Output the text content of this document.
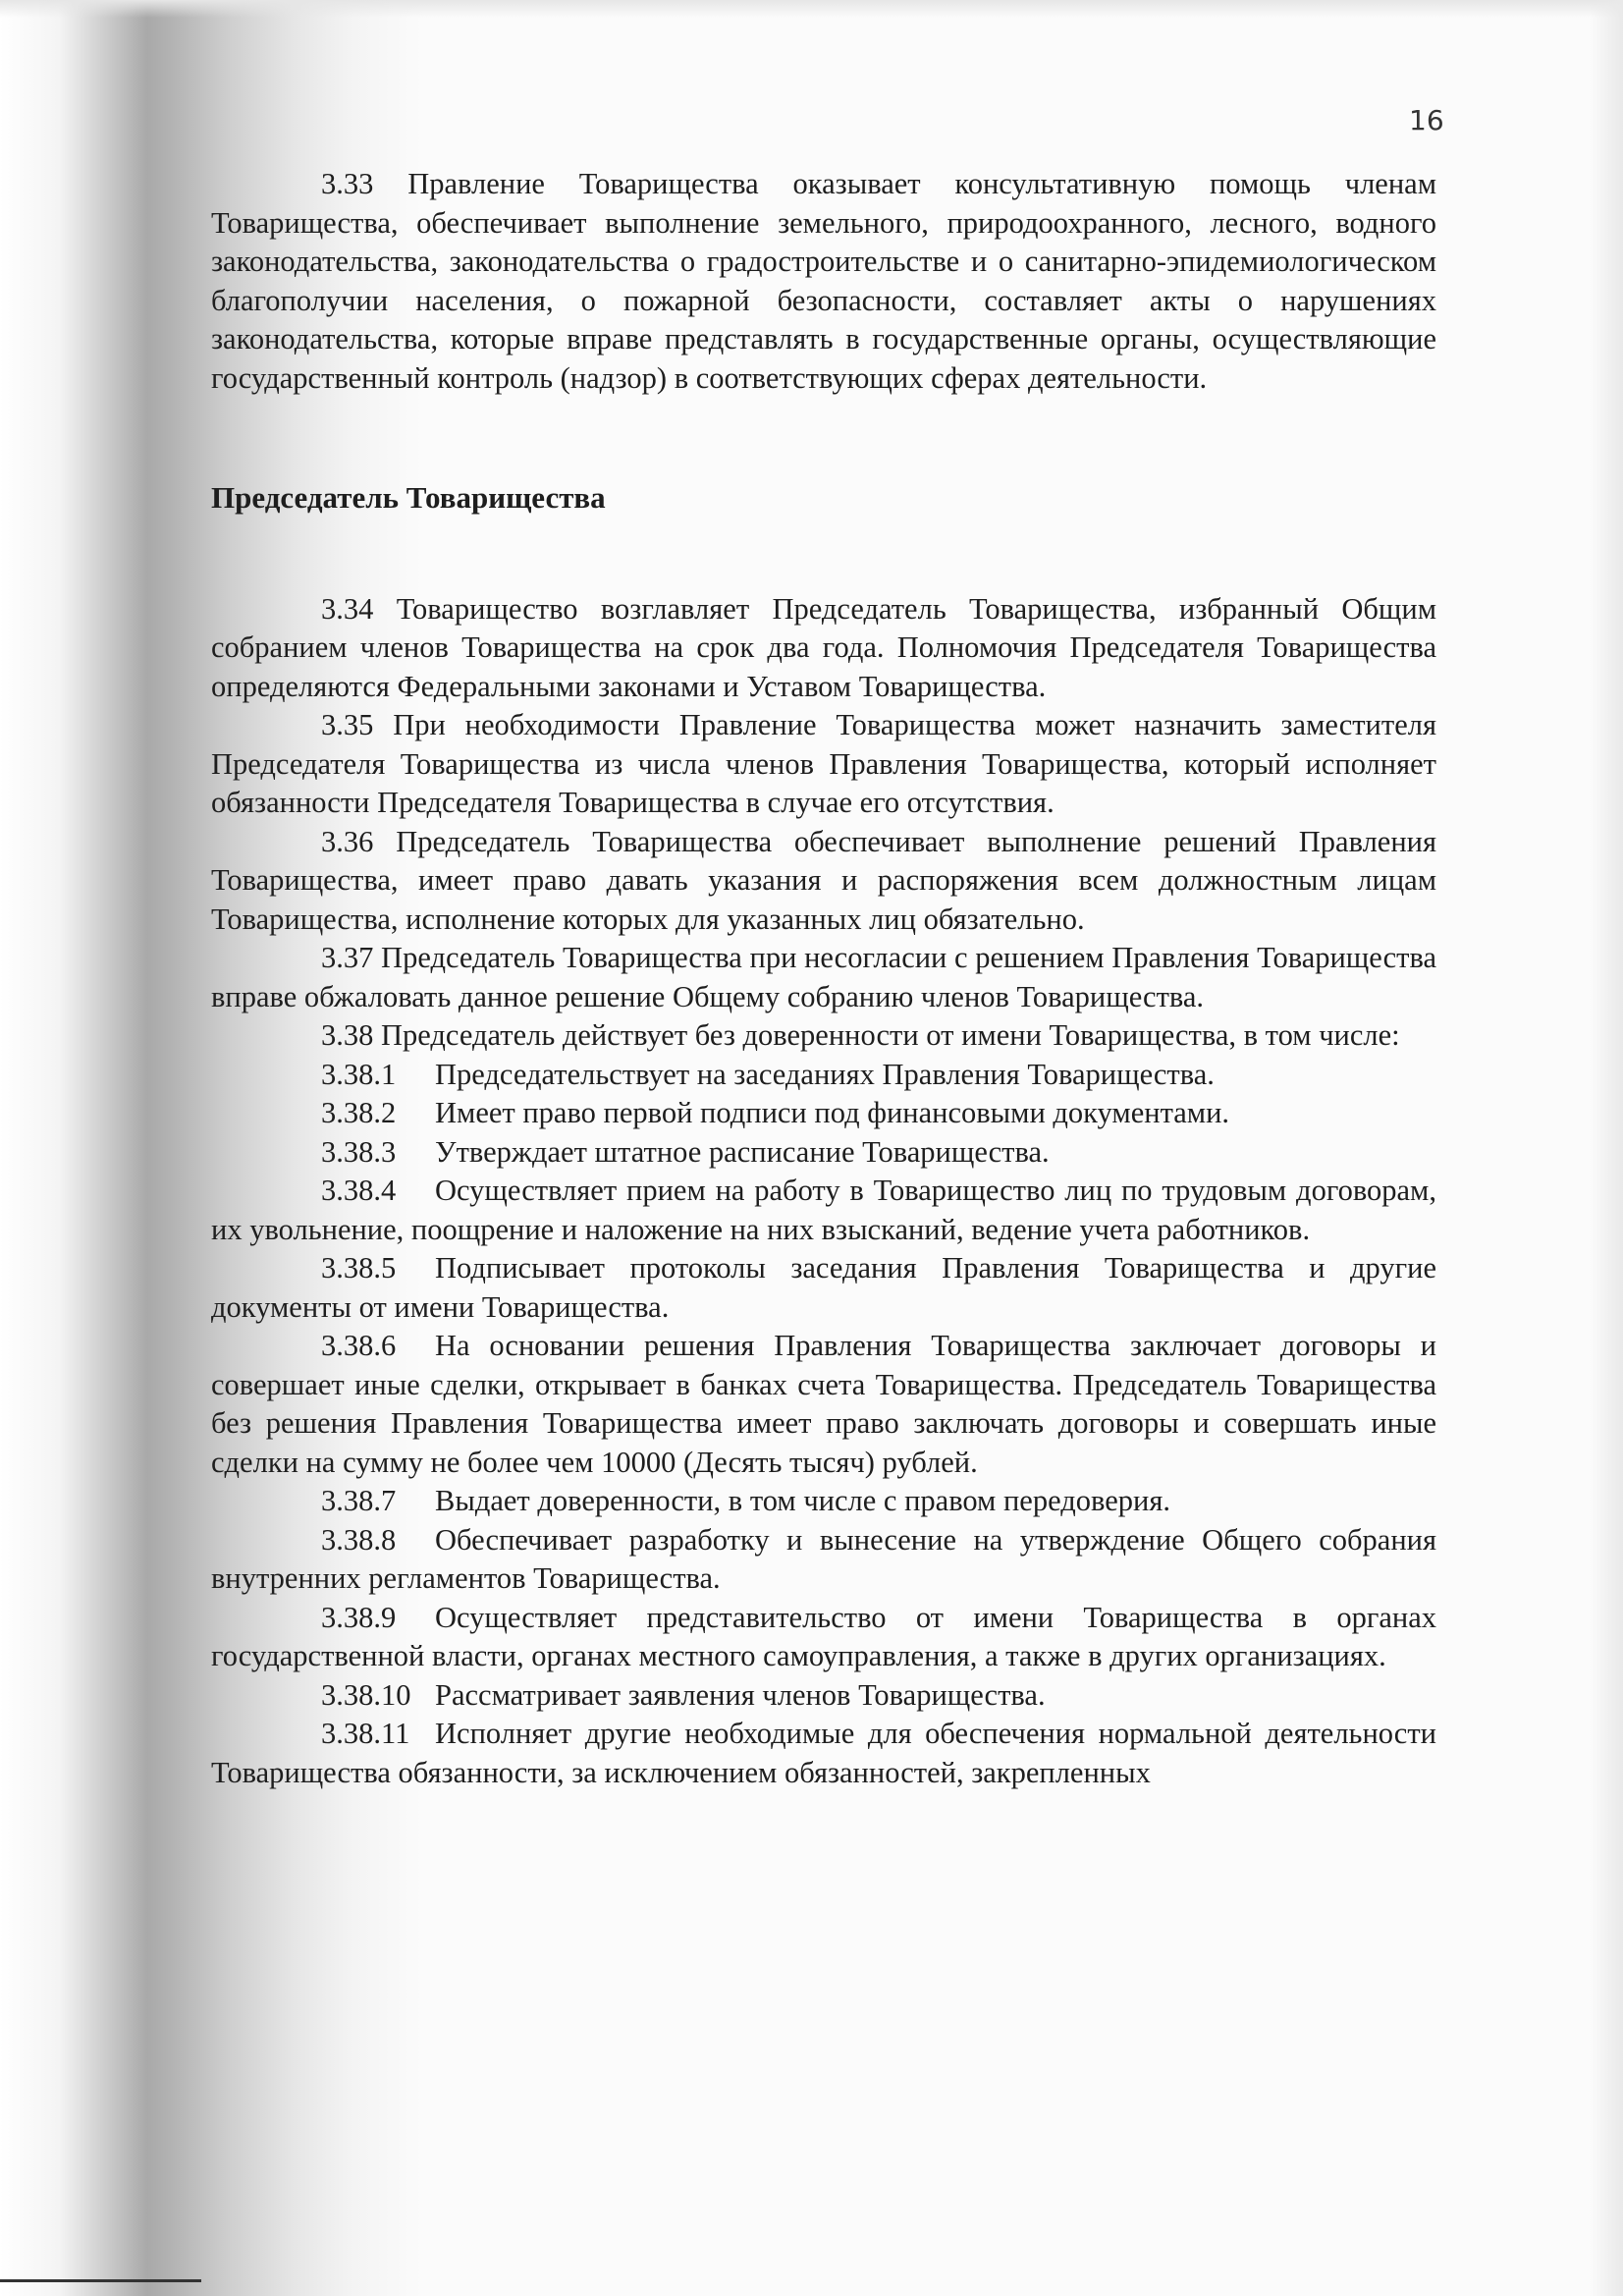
16

3.33 Правление Товарищества оказывает консультативную помощь членам Товарищества, обеспечивает выполнение земельного, природоохранного, лесного, водного законодательства, законодательства о градостроительстве и о санитарно-эпидемиологическом благополучии населения, о пожарной безопасности, составляет акты о нарушениях законодательства, которые вправе представлять в государственные органы, осуществляющие государственный контроль (надзор) в соответствующих сферах деятельности.

Председатель Товарищества

3.34 Товарищество возглавляет Председатель Товарищества, избранный Общим собранием членов Товарищества на срок два года. Полномочия Председателя Товарищества определяются Федеральными законами и Уставом Товарищества.

3.35 При необходимости Правление Товарищества может назначить заместителя Председателя Товарищества из числа членов Правления Товарищества, который исполняет обязанности Председателя Товарищества в случае его отсутствия.

3.36 Председатель Товарищества обеспечивает выполнение решений Правления Товарищества, имеет право давать указания и распоряжения всем должностным лицам Товарищества, исполнение которых для указанных лиц обязательно.

3.37 Председатель Товарищества при несогласии с решением Правления Товарищества вправе обжаловать данное решение Общему собранию членов Товарищества.

3.38 Председатель действует без доверенности от имени Товарищества, в том числе:

3.38.1 Председательствует на заседаниях Правления Товарищества.

3.38.2 Имеет право первой подписи под финансовыми документами.

3.38.3 Утверждает штатное расписание Товарищества.

3.38.4 Осуществляет прием на работу в Товарищество лиц по трудовым договорам, их увольнение, поощрение и наложение на них взысканий, ведение учета работников.

3.38.5 Подписывает протоколы заседания Правления Товарищества и другие документы от имени Товарищества.

3.38.6 На основании решения Правления Товарищества заключает договоры и совершает иные сделки, открывает в банках счета Товарищества. Председатель Товарищества без решения Правления Товарищества имеет право заключать договоры и совершать иные сделки на сумму не более чем 10000 (Десять тысяч) рублей.

3.38.7 Выдает доверенности, в том числе с правом передоверия.

3.38.8 Обеспечивает разработку и вынесение на утверждение Общего собрания внутренних регламентов Товарищества.

3.38.9 Осуществляет представительство от имени Товарищества в органах государственной власти, органах местного самоуправления, а также в других организациях.

3.38.10 Рассматривает заявления членов Товарищества.

3.38.11 Исполняет другие необходимые для обеспечения нормальной деятельности Товарищества обязанности, за исключением обязанностей, закрепленных
